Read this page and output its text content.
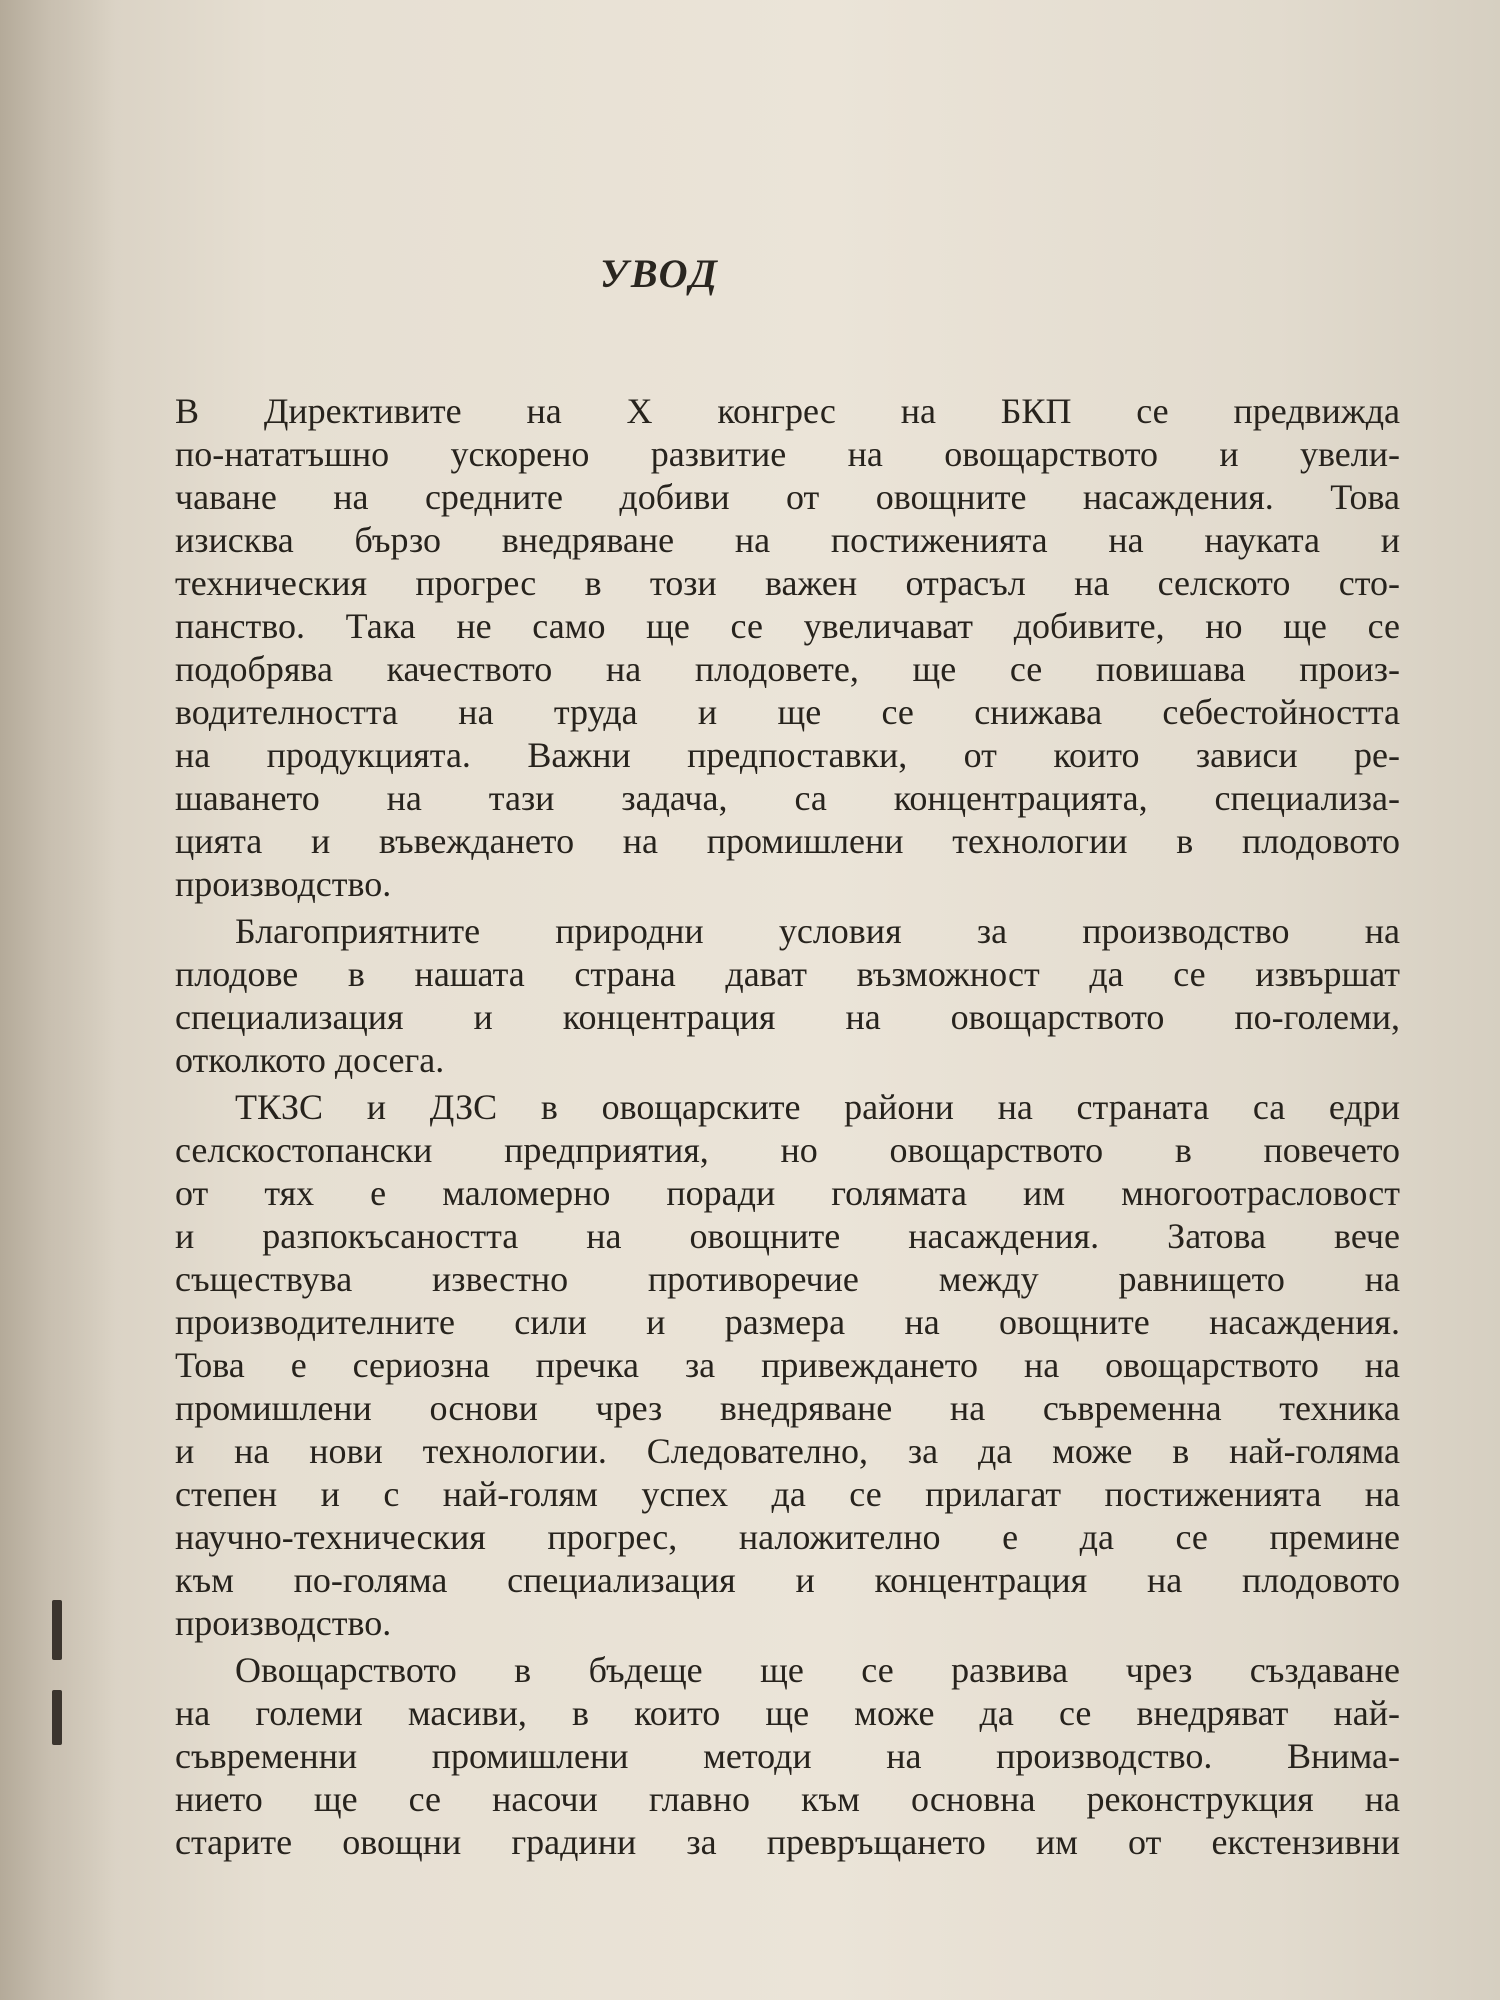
УВОД

В Директивите на X конгрес на БКП се предвижда
по-нататъшно ускорено развитие на овощарството и увели-
чаване на средните добиви от овощните насаждения. Това
изисква бързо внедряване на постиженията на науката и
техническия прогрес в този важен отрасъл на селското сто-
панство. Така не само ще се увеличават добивите, но ще се
подобрява качеството на плодовете, ще се повишава произ-
водителността на труда и ще се снижава себестойността
на продукцията. Важни предпоставки, от които зависи ре-
шаването на тази задача, са концентрацията, специализа-
цията и въвеждането на промишлени технологии в плодовото
производство.

Благоприятните природни условия за производство на
плодове в нашата страна дават възможност да се извършат
специализация и концентрация на овощарството по-големи,
отколкото досега.

ТКЗС и ДЗС в овощарските райони на страната са едри
селскостопански предприятия, но овощарството в повечето
от тях е маломерно поради голямата им многоотрасловост
и разпокъсаността на овощните насаждения. Затова вече
съществува известно противоречие между равнището на
производителните сили и размера на овощните насаждения.
Това е сериозна пречка за привеждането на овощарството на
промишлени основи чрез внедряване на съвременна техника
и на нови технологии. Следователно, за да може в най-голяма
степен и с най-голям успех да се прилагат постиженията на
научно-техническия прогрес, наложително е да се премине
към по-голяма специализация и концентрация на плодовото
производство.

Овощарството в бъдеще ще се развива чрез създаване
на големи масиви, в които ще може да се внедряват най-
съвременни промишлени методи на производство. Внима-
нието ще се насочи главно към основна реконструкция на
старите овощни градини за превръщането им от екстензивни
